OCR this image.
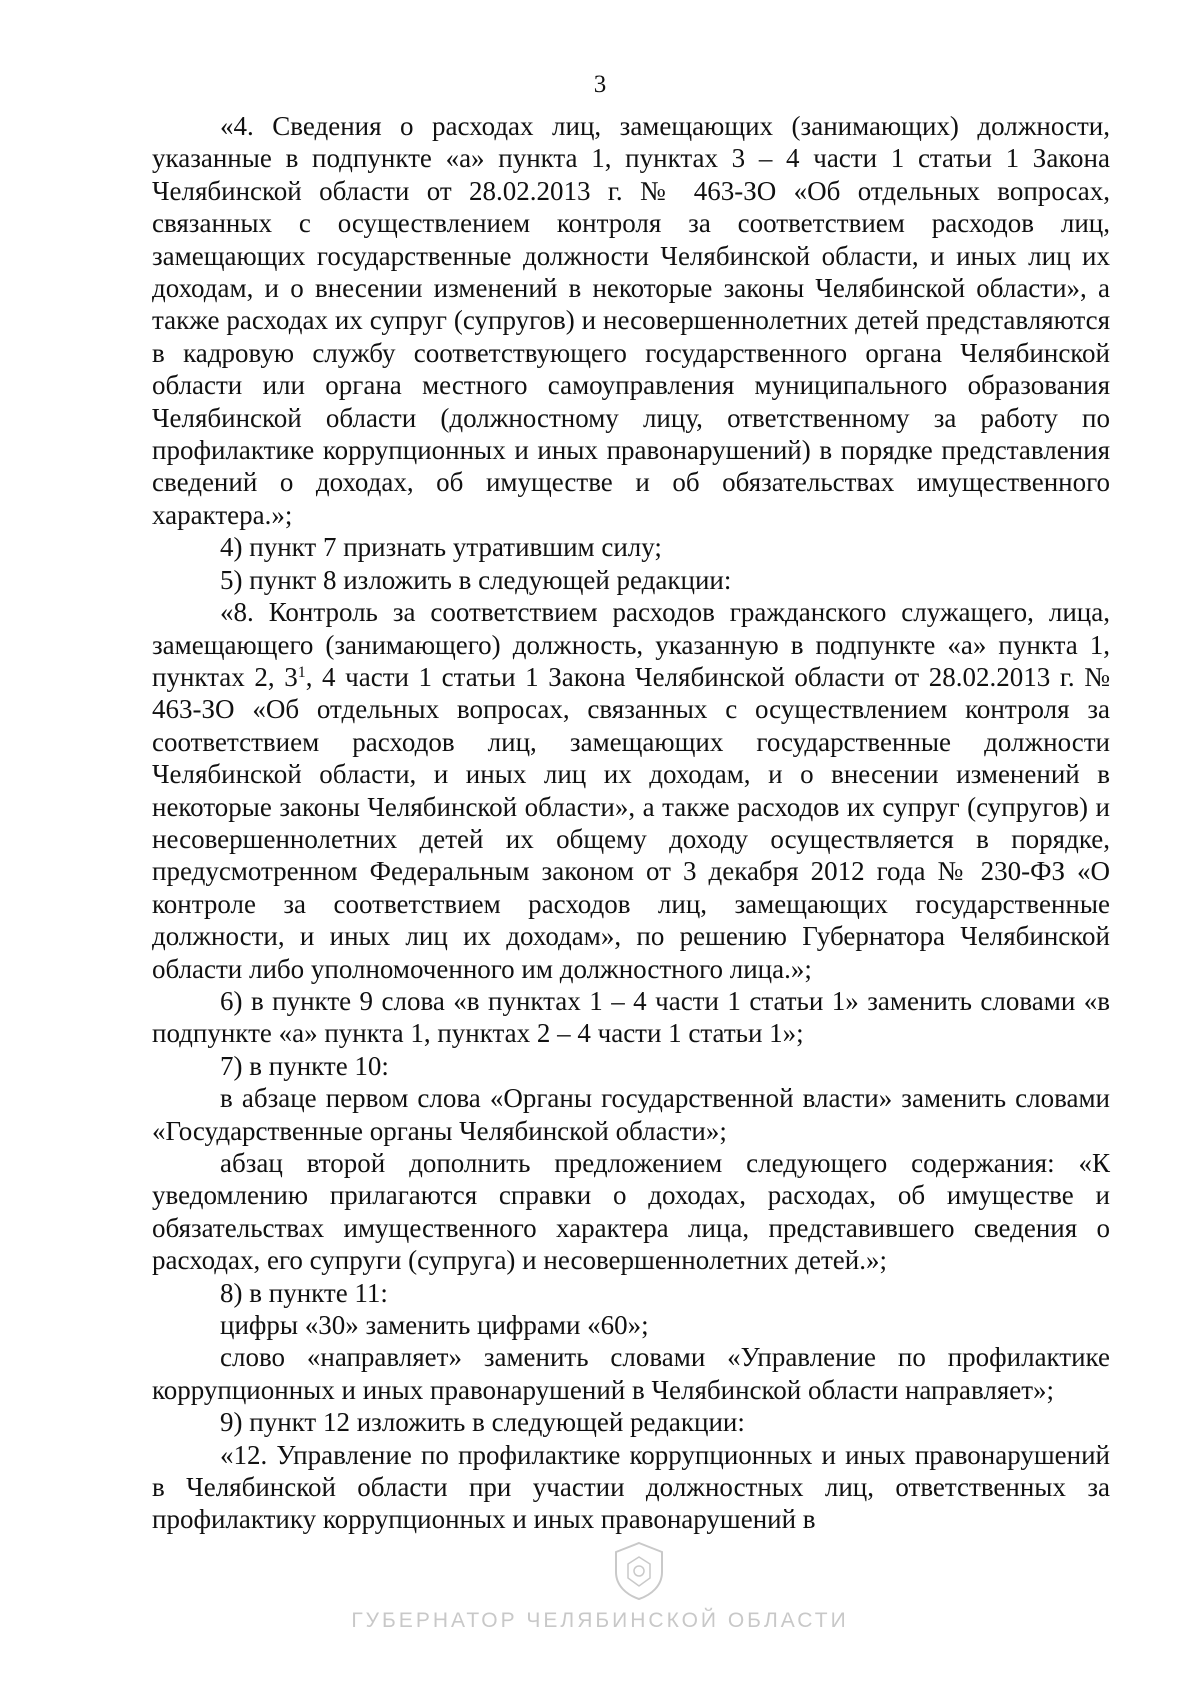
3

«4. Сведения о расходах лиц, замещающих (занимающих) должности, указанные в подпункте «а» пункта 1, пунктах 3 – 4 части 1 статьи 1 Закона Челябинской области от 28.02.2013 г. № 463-ЗО «Об отдельных вопросах, связанных с осуществлением контроля за соответствием расходов лиц, замещающих государственные должности Челябинской области, и иных лиц их доходам, и о внесении изменений в некоторые законы Челябинской области», а также расходах их супруг (супругов) и несовершеннолетних детей представляются в кадровую службу соответствующего государственного органа Челябинской области или органа местного самоуправления муниципального образования Челябинской области (должностному лицу, ответственному за работу по профилактике коррупционных и иных правонарушений) в порядке представления сведений о доходах, об имуществе и об обязательствах имущественного характера.»;

4) пункт 7 признать утратившим силу;

5) пункт 8 изложить в следующей редакции:

«8. Контроль за соответствием расходов гражданского служащего, лица, замещающего (занимающего) должность, указанную в подпункте «а» пункта 1, пунктах 2, $3^1$, 4 части 1 статьи 1 Закона Челябинской области от 28.02.2013 г. № 463-ЗО «Об отдельных вопросах, связанных с осуществлением контроля за соответствием расходов лиц, замещающих государственные должности Челябинской области, и иных лиц их доходам, и о внесении изменений в некоторые законы Челябинской области», а также расходов их супруг (супругов) и несовершеннолетних детей их общему доходу осуществляется в порядке, предусмотренном Федеральным законом от 3 декабря 2012 года № 230-ФЗ «О контроле за соответствием расходов лиц, замещающих государственные должности, и иных лиц их доходам», по решению Губернатора Челябинской области либо уполномоченного им должностного лица.»;

6) в пункте 9 слова «в пунктах 1 – 4 части 1 статьи 1» заменить словами «в подпункте «а» пункта 1, пунктах 2 – 4 части 1 статьи 1»;

7) в пункте 10:

в абзаце первом слова «Органы государственной власти» заменить словами «Государственные органы Челябинской области»;

абзац второй дополнить предложением следующего содержания: «К уведомлению прилагаются справки о доходах, расходах, об имуществе и обязательствах имущественного характера лица, представившего сведения о расходах, его супруги (супруга) и несовершеннолетних детей.»;

8) в пункте 11:

цифры «30» заменить цифрами «60»;

слово «направляет» заменить словами «Управление по профилактике коррупционных и иных правонарушений в Челябинской области направляет»;

9) пункт 12 изложить в следующей редакции:

«12. Управление по профилактике коррупционных и иных правонарушений в Челябинской области при участии должностных лиц, ответственных за профилактику коррупционных и иных правонарушений в

ГУБЕРНАТОР ЧЕЛЯБИНСКОЙ ОБЛАСТИ
